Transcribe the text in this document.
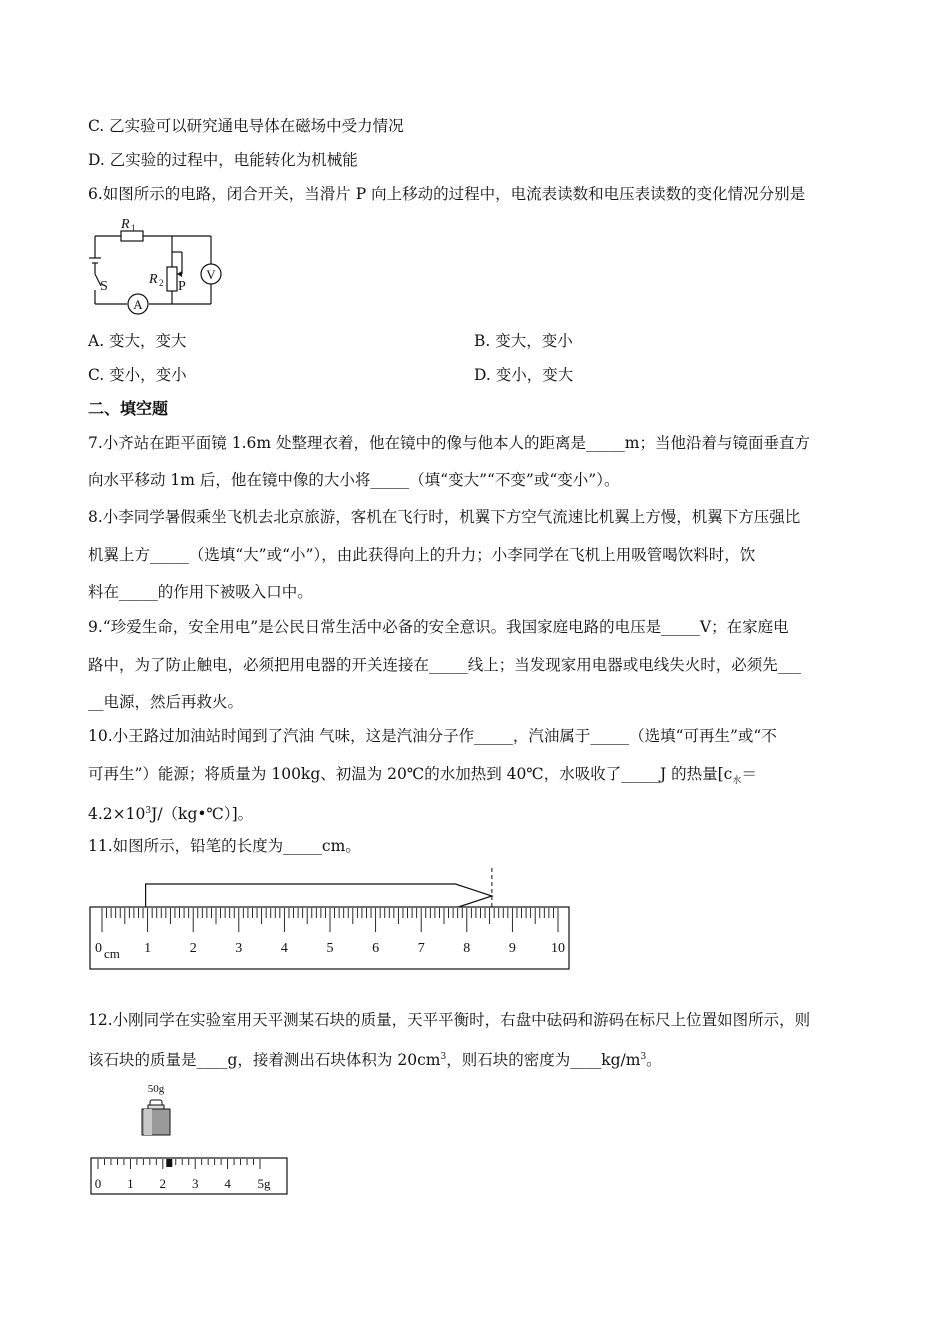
C. 乙实验可以研究通电导体在磁场中受力情况
D. 乙实验的过程中，电能转化为机械能
6.如图所示的电路，闭合开关，当滑片 P 向上移动的过程中，电流表读数和电压表读数的变化情况分别是
R 1
R 2 P
S
A
V
A. 变大，变大	B. 变大，变小
C. 变小，变小	D. 变小，变大
二、填空题
7.小齐站在距平面镜 1.6m 处整理衣着，他在镜中的像与他本人的距离是_____m；当他沿着与镜面垂直方
向水平移动 1m 后，他在镜中像的大小将_____（填“变大”“不变”或“变小”）。
8.小李同学暑假乘坐飞机去北京旅游，客机在飞行时，机翼下方空气流速比机翼上方慢，机翼下方压强比
机翼上方_____（选填“大”或“小”），由此获得向上的升力；小李同学在飞机上用吸管喝饮料时，饮
料在_____的作用下被吸入口中。
9.“珍爱生命，安全用电”是公民日常生活中必备的安全意识。我国家庭电路的电压是_____V；在家庭电
路中，为了防止触电，必须把用电器的开关连接在_____线上；当发现家用电器或电线失火时，必须先___
__电源，然后再救火。
10.小王路过加油站时闻到了汽油 气味，这是汽油分子作_____，汽油属于_____（选填“可再生”或“不
可再生”）能源；将质量为 100kg、初温为 20℃的水加热到 40℃，水吸收了_____J 的热量[$c_水=$
$4.2\times 10^3J/(kg•℃)$]。
11.如图所示，铅笔的长度为_____cm。
0	1	2	3	4	5	6	7	8	9	10
cm
12.小刚同学在实验室用天平测某石块的质量，天平平衡时，右盘中砝码和游码在标尺上位置如图所示，则
该石块的质量是____g，接着测出石块体积为 $20cm^3$，则石块的密度为$\_\_\_\_kg/m^3$。
50g
0 1 2 3 4 5g
